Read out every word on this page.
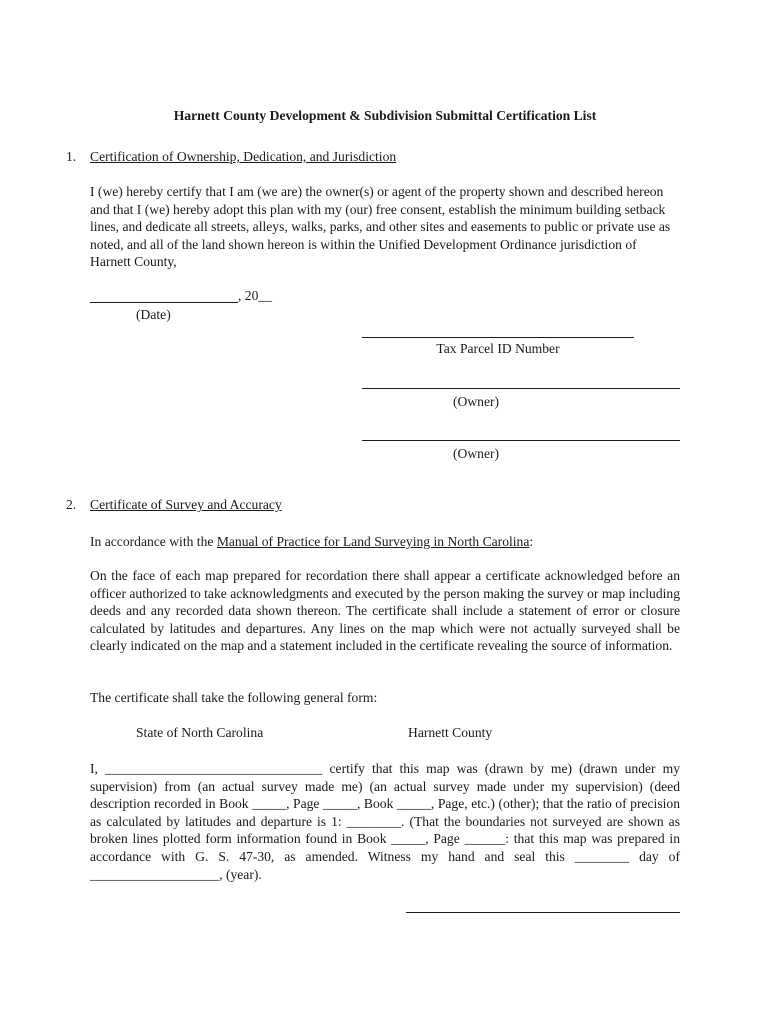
Harnett County Development & Subdivision Submittal Certification List
1. Certification of Ownership, Dedication, and Jurisdiction
I (we) hereby certify that I am (we are) the owner(s) or agent of the property shown and described hereon and that I (we) hereby adopt this plan with my (our) free consent, establish the minimum building setback lines, and dedicate all streets, alleys, walks, parks, and other sites and easements to public or private use as noted, and all of the land shown hereon is within the Unified Development Ordinance jurisdiction of Harnett County,
, 20__
(Date)
Tax Parcel ID Number
(Owner)
(Owner)
2. Certificate of Survey and Accuracy
In accordance with the Manual of Practice for Land Surveying in North Carolina:
On the face of each map prepared for recordation there shall appear a certificate acknowledged before an officer authorized to take acknowledgments and executed by the person making the survey or map including deeds and any recorded data shown thereon. The certificate shall include a statement of error or closure calculated by latitudes and departures. Any lines on the map which were not actually surveyed shall be clearly indicated on the map and a statement included in the certificate revealing the source of information.
The certificate shall take the following general form:
State of North Carolina	Harnett County
I, ________________________________ certify that this map was (drawn by me) (drawn under my supervision) from (an actual survey made me) (an actual survey made under my supervision) (deed description recorded in Book _____, Page _____, Book _____, Page, etc.) (other); that the ratio of precision as calculated by latitudes and departure is 1: ________. (That the boundaries not surveyed are shown as broken lines plotted form information found in Book _____, Page ______: that this map was prepared in accordance with G. S. 47-30, as amended. Witness my hand and seal this ________ day of ___________________, (year).
